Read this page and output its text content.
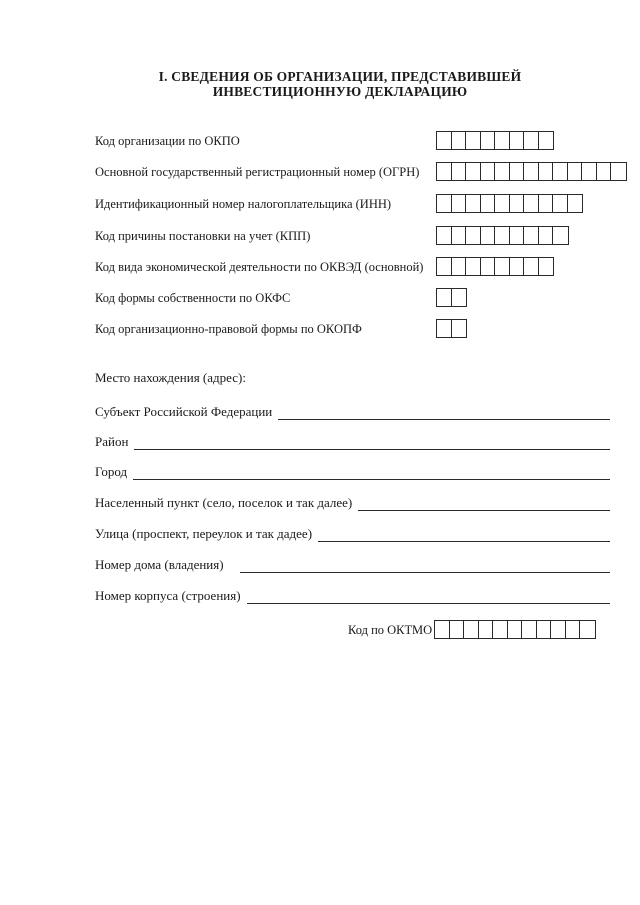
I. СВЕДЕНИЯ ОБ ОРГАНИЗАЦИИ, ПРЕДСТАВИВШЕЙ
ИНВЕСТИЦИОННУЮ ДЕКЛАРАЦИЮ
Код организации по ОКПО
Основной государственный регистрационный номер (ОГРН)
Идентификационный номер налогоплательщика (ИНН)
Код причины постановки на учет (КПП)
Код вида экономической деятельности по ОКВЭД (основной)
Код формы собственности по ОКФС
Код организационно-правовой формы по ОКОПФ
Место нахождения (адрес):
Субъект Российской Федерации
Район
Город
Населенный пункт (село, поселок и так далее)
Улица (проспект, переулок и так дадее)
Номер дома (владения)
Номер корпуса (строения)
Код по ОКТМО
